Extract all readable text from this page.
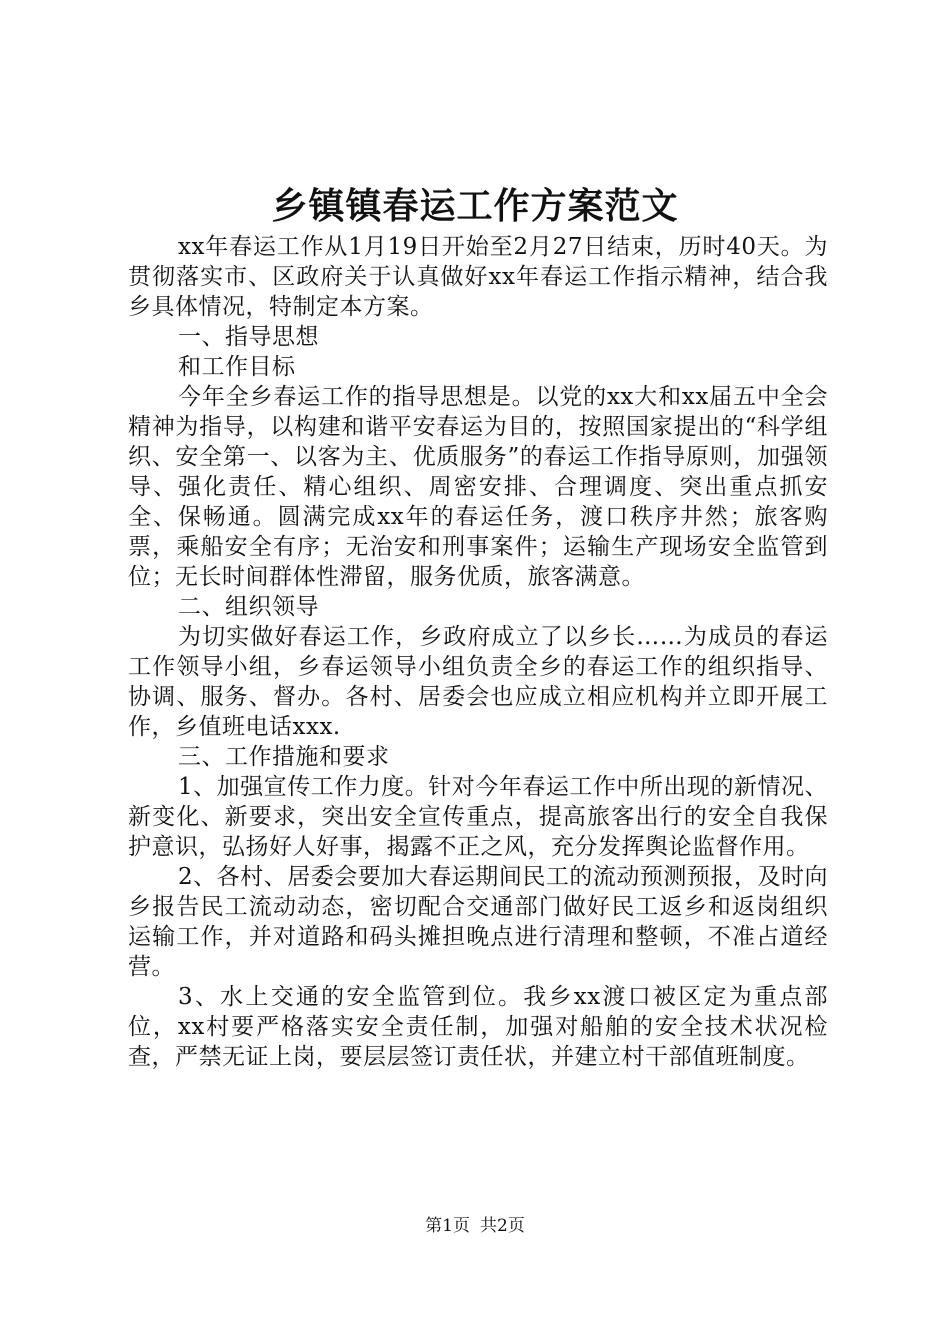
乡镇镇春运工作方案范文

xx年春运工作从1月19日开始至2月27日结束，历时40天。为贯彻落实市、区政府关于认真做好xx年春运工作指示精神，结合我乡具体情况，特制定本方案。

一、指导思想

和工作目标

今年全乡春运工作的指导思想是。以党的xx大和xx届五中全会精神为指导，以构建和谐平安春运为目的，按照国家提出的“科学组织、安全第一、以客为主、优质服务”的春运工作指导原则，加强领导、强化责任、精心组织、周密安排、合理调度、突出重点抓安全、保畅通。圆满完成xx年的春运任务，渡口秩序井然；旅客购票，乘船安全有序；无治安和刑事案件；运输生产现场安全监管到位；无长时间群体性滞留，服务优质，旅客满意。

二、组织领导

为切实做好春运工作，乡政府成立了以乡长……为成员的春运工作领导小组，乡春运领导小组负责全乡的春运工作的组织指导、协调、服务、督办。各村、居委会也应成立相应机构并立即开展工作，乡值班电话xxx.

三、工作措施和要求

1、加强宣传工作力度。针对今年春运工作中所出现的新情况、新变化、新要求，突出安全宣传重点，提高旅客出行的安全自我保护意识，弘扬好人好事，揭露不正之风，充分发挥舆论监督作用。

2、各村、居委会要加大春运期间民工的流动预测预报，及时向乡报告民工流动动态，密切配合交通部门做好民工返乡和返岗组织运输工作，并对道路和码头摊担晚点进行清理和整顿，不准占道经营。

3、水上交通的安全监管到位。我乡xx渡口被区定为重点部位，xx村要严格落实安全责任制，加强对船舶的安全技术状况检查，严禁无证上岗，要层层签订责任状，并建立村干部值班制度。

第1页 共2页
